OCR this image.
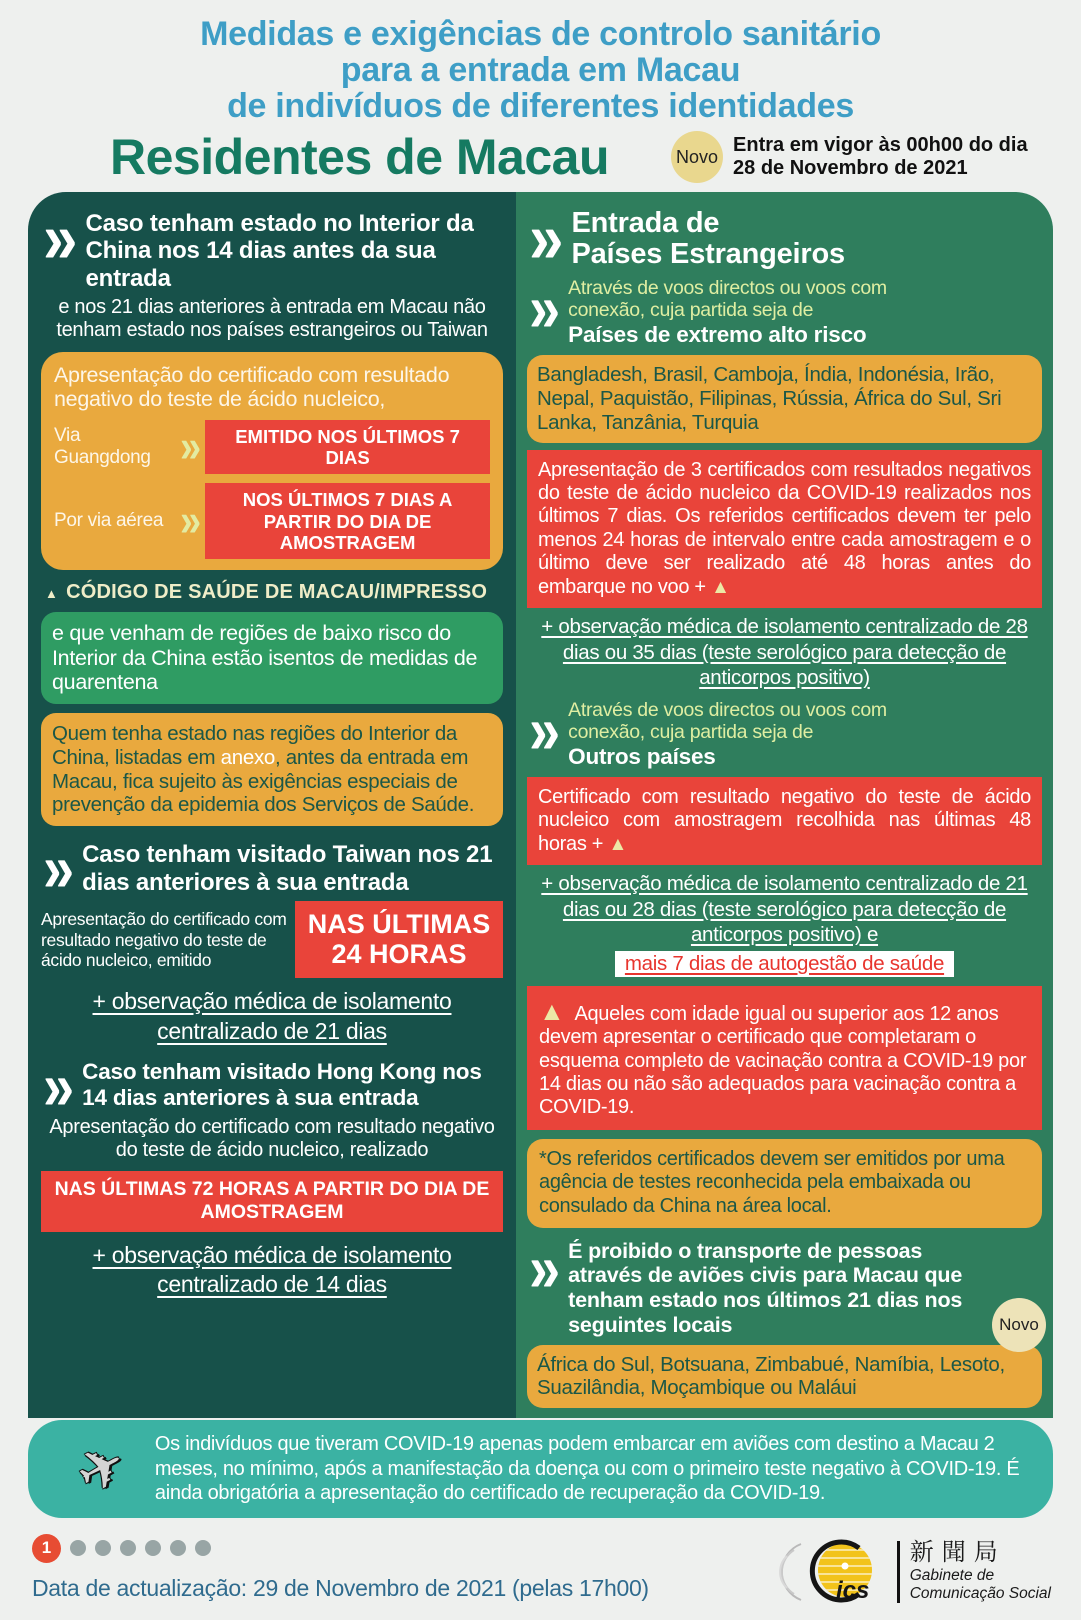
Medidas e exigências de controlo sanitário
para a entrada em Macau
de indivíduos de diferentes identidades
Residentes de Macau	Novo
Entra em vigor às 00h00 do dia
28 de Novembro de 2021
» Caso tenham estado no Interior da China nos 14 dias antes da sua entrada
e nos 21 dias anteriores à entrada em Macau não tenham estado nos países estrangeiros ou Taiwan
Apresentação do certificado com resultado negativo do teste de ácido nucleico,
Via Guangdong »	EMITIDO NOS ÚLTIMOS 7 DIAS
Por via aérea »	NOS ÚLTIMOS 7 DIAS A PARTIR DO DIA DE AMOSTRAGEM
▲ CÓDIGO DE SAÚDE DE MACAU/IMPRESSO
e que venham de regiões de baixo risco do Interior da China estão isentos de medidas de quarentena
Quem tenha estado nas regiões do Interior da China, listadas em anexo, antes da entrada em Macau, fica sujeito às exigências especiais de prevenção da epidemia dos Serviços de Saúde.
» Caso tenham visitado Taiwan nos 21 dias anteriores à sua entrada
Apresentação do certificado com resultado negativo do teste de ácido nucleico, emitido
NAS ÚLTIMAS 24 HORAS
+ observação médica de isolamento centralizado de 21 dias
» Caso tenham visitado Hong Kong nos 14 dias anteriores à sua entrada
Apresentação do certificado com resultado negativo do teste de ácido nucleico, realizado
NAS ÚLTIMAS 72 HORAS A PARTIR DO DIA DE AMOSTRAGEM
+ observação médica de isolamento centralizado de 14 dias
» Entrada de
Países Estrangeiros
» Através de voos directos ou voos com
conexão, cuja partida seja de
Países de extremo alto risco
Bangladesh, Brasil, Camboja, Índia, Indonésia, Irão, Nepal, Paquistão, Filipinas, Rússia, África do Sul, Sri Lanka, Tanzânia, Turquia
Apresentação de 3 certificados com resultados negativos do teste de ácido nucleico da COVID-19 realizados nos últimos 7 dias. Os referidos certificados devem ter pelo menos 24 horas de intervalo entre cada amostragem e o último deve ser realizado até 48 horas antes do embarque no voo + ▲
+ observação médica de isolamento centralizado de 28 dias ou 35 dias (teste serológico para detecção de anticorpos positivo)
» Através de voos directos ou voos com
conexão, cuja partida seja de
Outros países
Certificado com resultado negativo do teste de ácido nucleico com amostragem recolhida nas últimas 48 horas + ▲
+ observação médica de isolamento centralizado de 21 dias ou 28 dias (teste serológico para detecção de anticorpos positivo) e
mais 7 dias de autogestão de saúde
▲ Aqueles com idade igual ou superior aos 12 anos devem apresentar o certificado que completaram o esquema completo de vacinação contra a COVID-19 por 14 dias ou não são adequados para vacinação contra a COVID-19.
*Os referidos certificados devem ser emitidos por uma agência de testes reconhecida pela embaixada ou consulado da China na área local.
» É proibido o transporte de pessoas através de aviões civis para Macau que tenham estado nos últimos 21 dias nos seguintes locais	Novo
África do Sul, Botsuana, Zimbabué, Namíbia, Lesoto, Suazilândia, Moçambique ou Maláui
✈ Os indivíduos que tiveram COVID-19 apenas podem embarcar em aviões com destino a Macau 2 meses, no mínimo, após a manifestação da doença ou com o primeiro teste negativo à COVID-19. É ainda obrigatória a apresentação do certificado de recuperação da COVID-19.
1
Data de actualização: 29 de Novembro de 2021 (pelas 17h00)	ics
新聞局
Gabinete de
Comunicação Social
